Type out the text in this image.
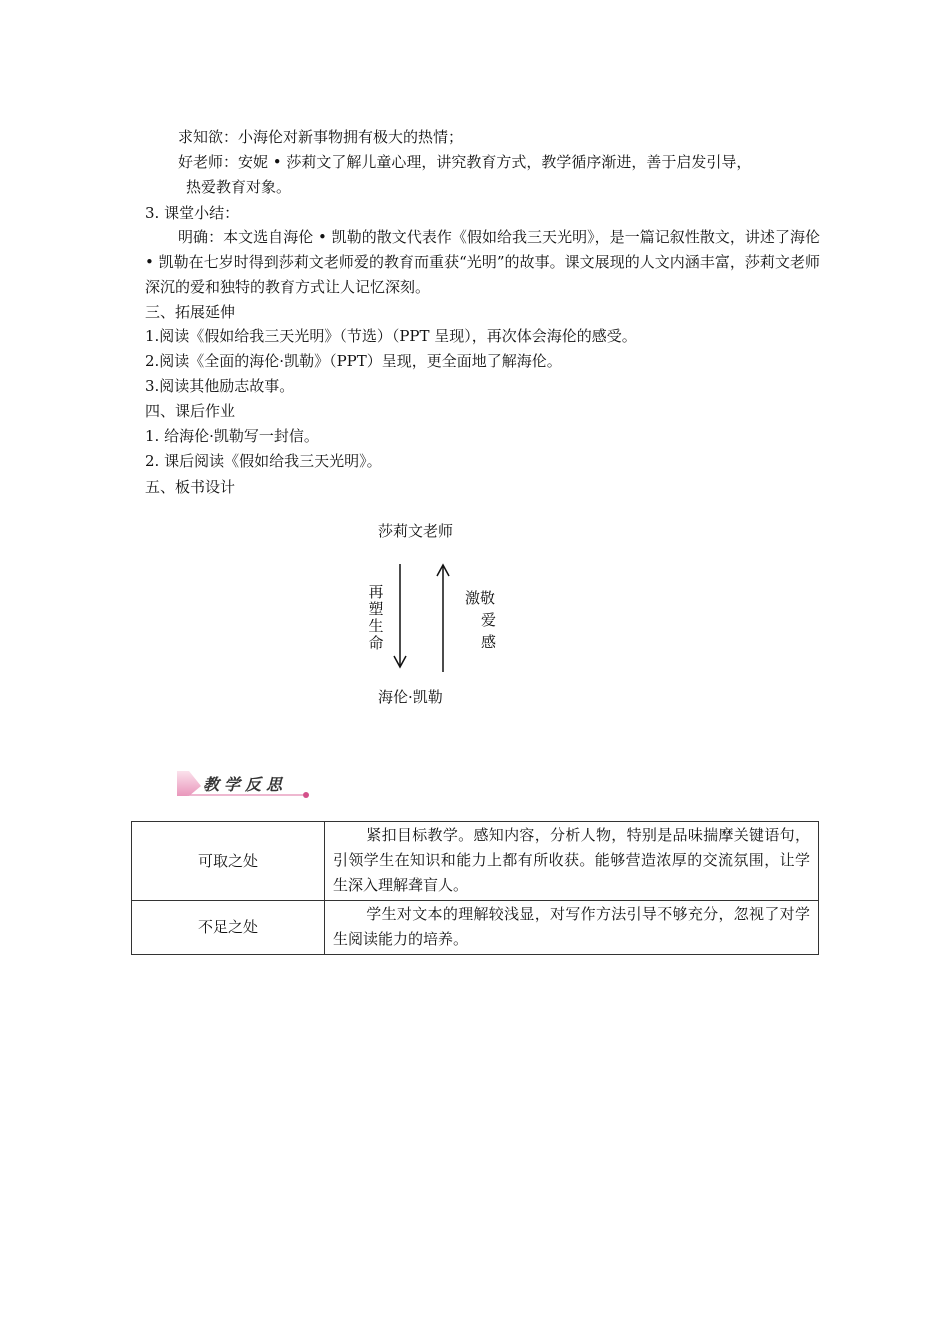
求知欲：小海伦对新事物拥有极大的热情；
好老师：安妮 • 莎莉文了解儿童心理，讲究教育方式，教学循序渐进，善于启发引导，
热爱教育对象。
3. 课堂小结：
明确：本文选自海伦 • 凯勒的散文代表作《假如给我三天光明》，是一篇记叙性散文，讲述了海伦 • 凯勒在七岁时得到莎莉文老师爱的教育而重获“光明”的故事。课文展现的人文内涵丰富，莎莉文老师深沉的爱和独特的教育方式让人记忆深刻。
三、拓展延伸
1.阅读《假如给我三天光明》（节选）（PPT 呈现），再次体会海伦的感受。
2.阅读《全面的海伦·凯勒》（PPT）呈现，更全面地了解海伦。
3.阅读其他励志故事。
四、课后作业
1. 给海伦·凯勒写一封信。
2. 课后阅读《假如给我三天光明》。
五、板书设计
莎莉文老师
再塑生命
激敬
爱
感
海伦·凯勒
教学反思
可取之处	紧扣目标教学。感知内容，分析人物，特别是品味揣摩关键语句，引领学生在知识和能力上都有所收获。能够营造浓厚的交流氛围，让学生深入理解聋盲人。
不足之处	学生对文本的理解较浅显，对写作方法引导不够充分，忽视了对学生阅读能力的培养。
